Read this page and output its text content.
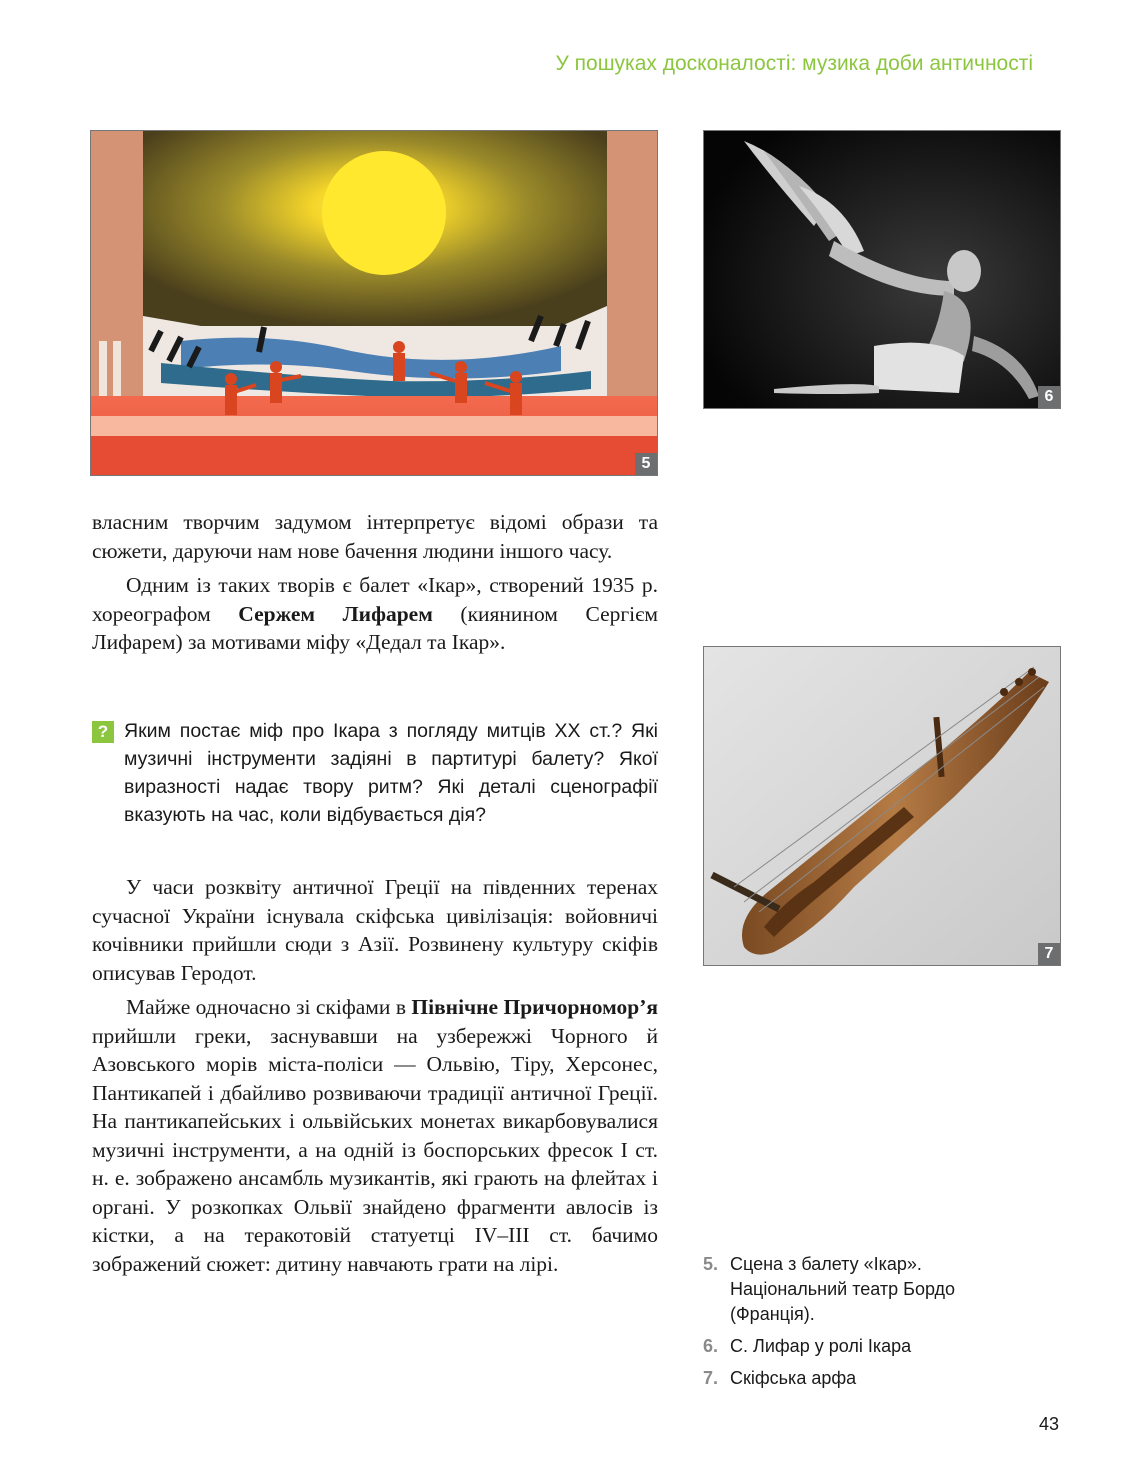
У пошуках досконалості: музика доби античності
5
6
7

власним творчим задумом інтерпретує відомі образи та сюжети, даруючи нам нове бачення людини іншого часу.

Одним із таких творів є балет «Ікар», створений 1935 р. хореографом Сержем Лифарем (киянином Сергієм Лифарем) за мотивами міфу «Дедал та Ікар».

? Яким постає міф про Ікара з погляду митців XX ст.? Які музичні інструменти задіяні в партитурі балету? Якої виразності надає твору ритм? Які деталі сценографії вказують на час, коли відбувається дія?

У часи розквіту античної Греції на південних теренах сучасної України існувала скіфська цивілізація: войовничі кочівники прийшли сюди з Азії. Розвинену культуру скіфів описував Геродот.

Майже одночасно зі скіфами в Північне Причорномор’я прийшли греки, заснувавши на узбережжі Чорного й Азовського морів міста-поліси — Ольвію, Тіру, Херсонес, Пантикапей і дбайливо розвиваючи традиції античної Греції. На пантикапейських і ольвійських монетах викарбовувалися музичні інструменти, а на одній із боспорських фресок І ст. н. е. зображено ансамбль музикантів, які грають на флейтах і органі. У розкопках Ольвії знайдено фрагменти авлосів із кістки, а на теракотовій статуетці IV–III ст. бачимо зображений сюжет: дитину навчають грати на лірі.	5. Сцена з балету «Ікар». Національний театр Бордо (Франція).
6. С. Лифар у ролі Ікара
7. Скіфська арфа
43
